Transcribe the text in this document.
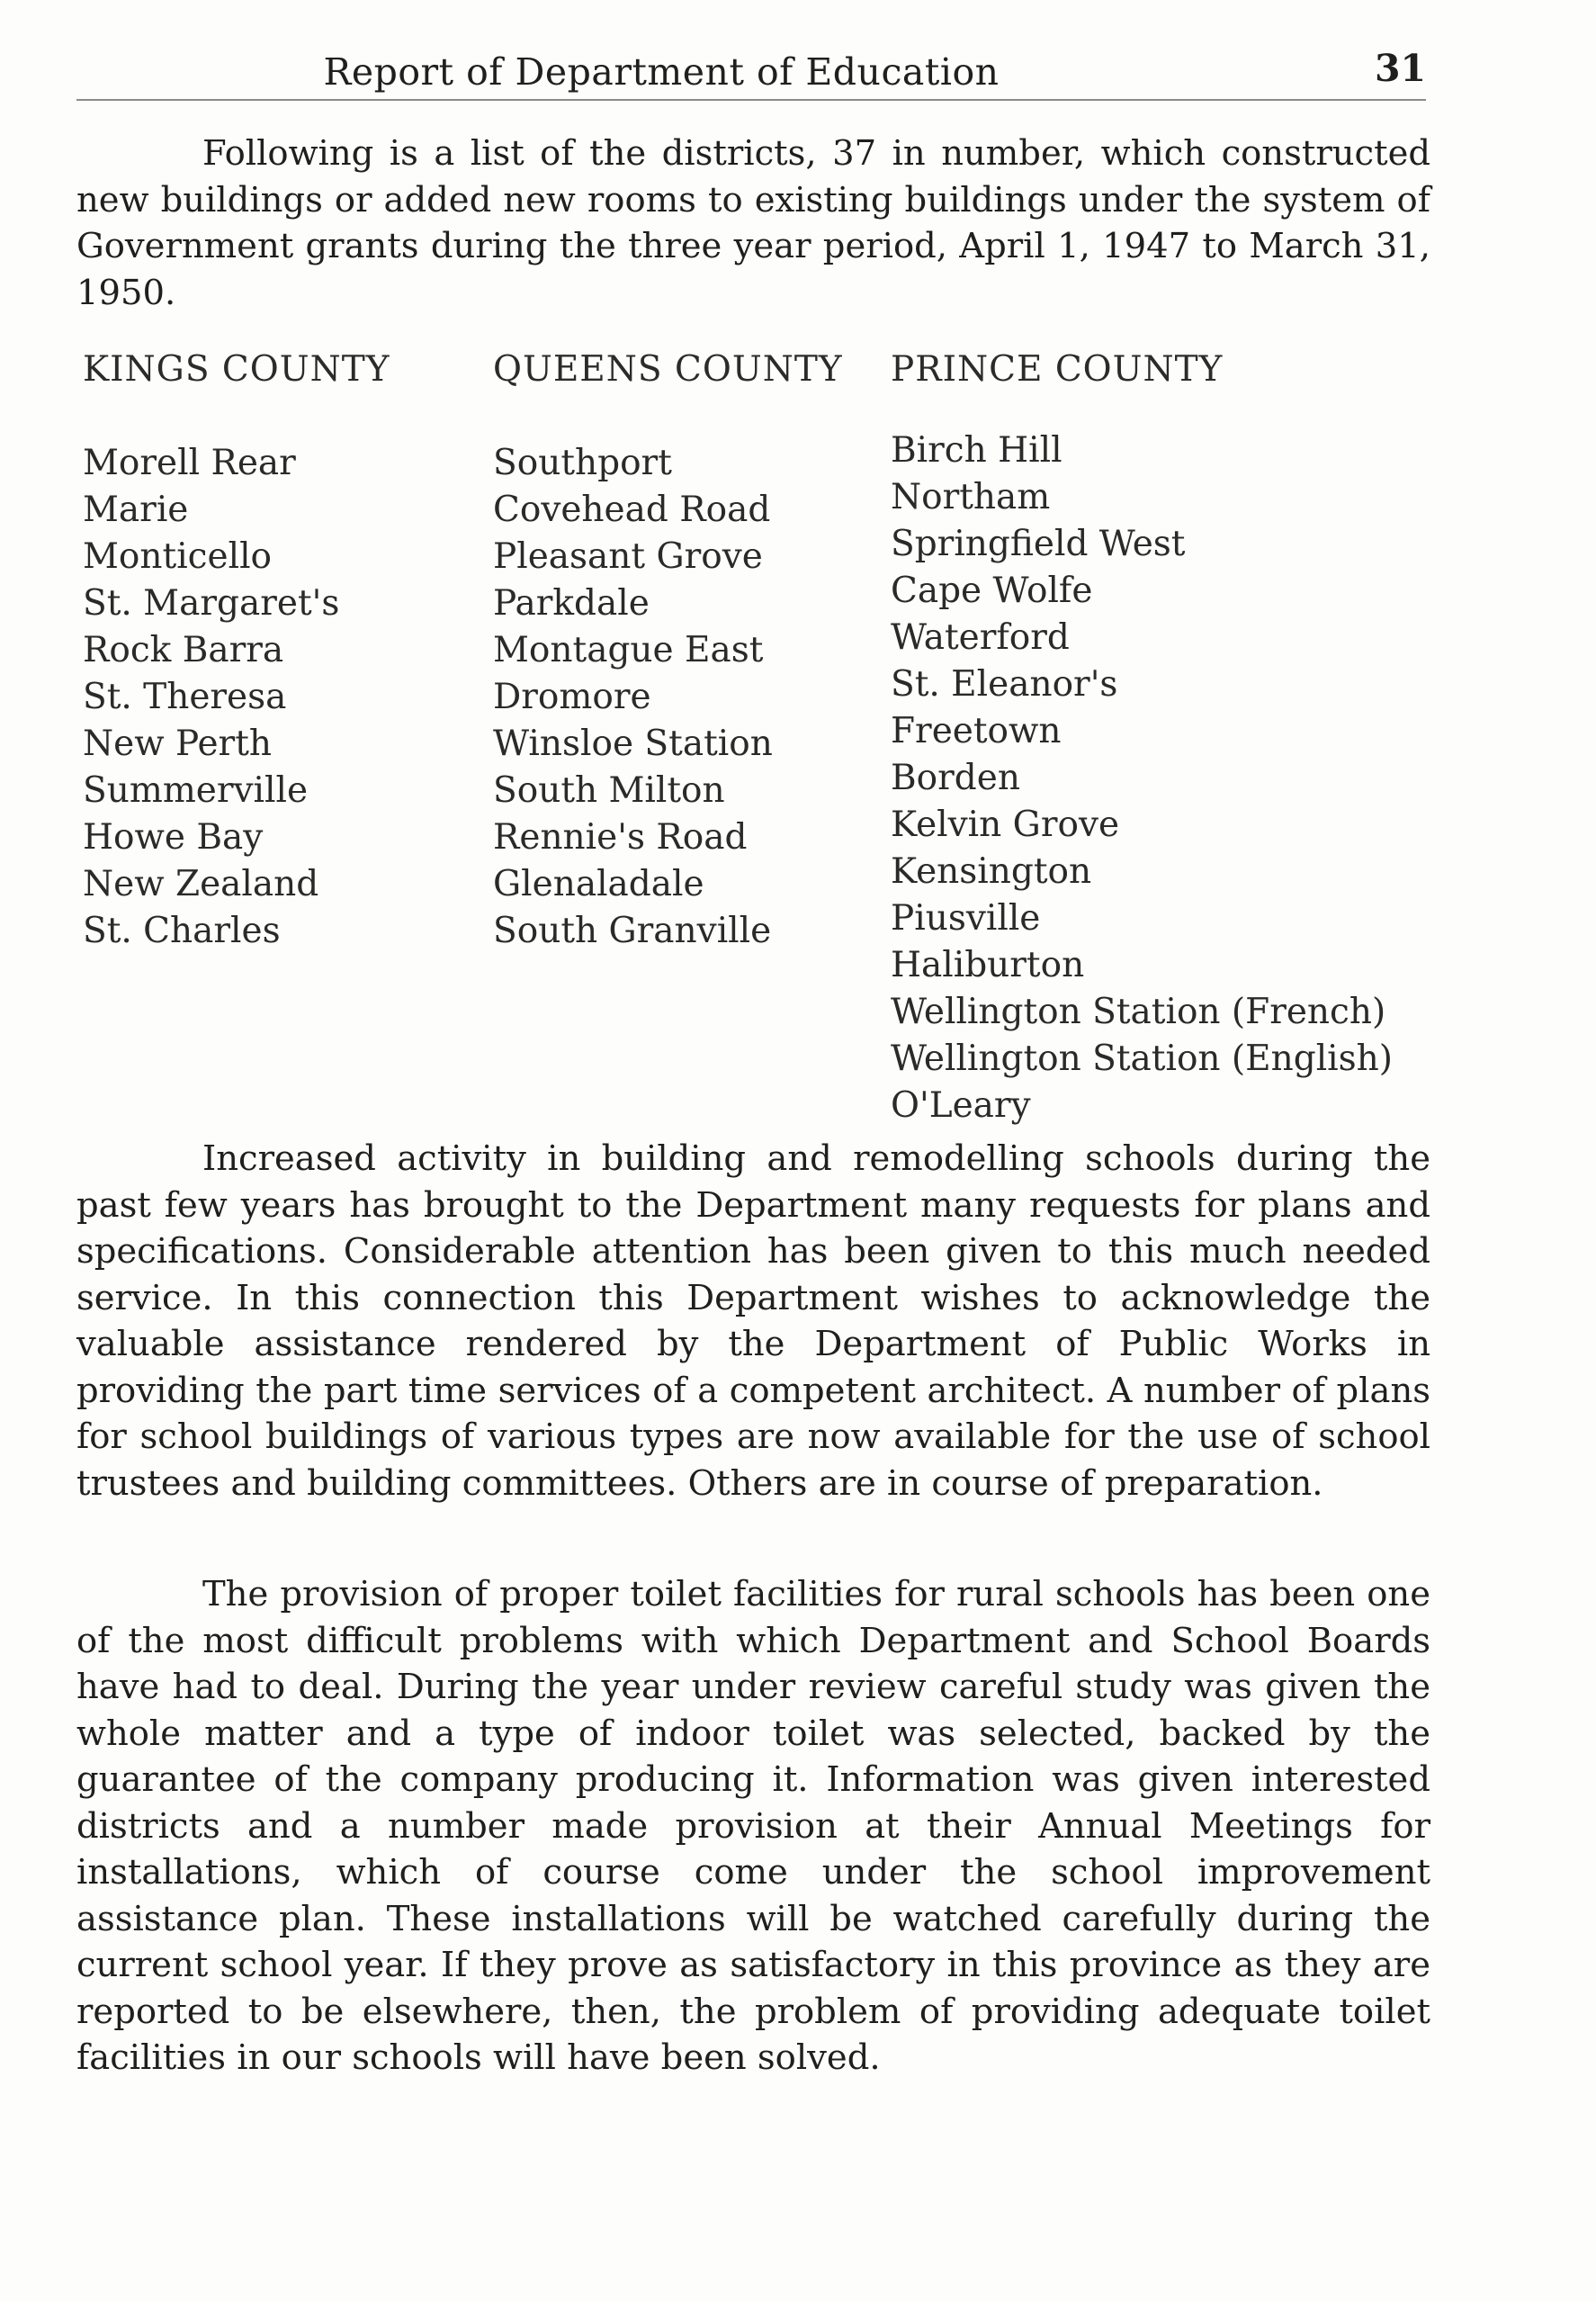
Report of Department of Education	31

Following is a list of the districts, 37 in number, which constructed new buildings or added new rooms to existing buildings under the system of Government grants during the three year period, April 1, 1947 to March 31, 1950.

KINGS COUNTY
Morell Rear
Marie
Monticello
St. Margaret's
Rock Barra
St. Theresa
New Perth
Summerville
Howe Bay
New Zealand
St. Charles
QUEENS COUNTY
Southport
Covehead Road
Pleasant Grove
Parkdale
Montague East
Dromore
Winsloe Station
South Milton
Rennie's Road
Glenaladale
South Granville
PRINCE COUNTY
Birch Hill
Northam
Springfield West
Cape Wolfe
Waterford
St. Eleanor's
Freetown
Borden
Kelvin Grove
Kensington
Piusville
Haliburton
Wellington Station (French)
Wellington Station (English)
O'Leary

Increased activity in building and remodelling schools during the past few years has brought to the Department many requests for plans and specifications. Considerable attention has been given to this much needed service. In this connection this Department wishes to acknowledge the valuable assistance rendered by the Department of Public Works in providing the part time services of a competent architect. A number of plans for school buildings of various types are now available for the use of school trustees and building committees. Others are in course of preparation.

The provision of proper toilet facilities for rural schools has been one of the most difficult problems with which Department and School Boards have had to deal. During the year under review careful study was given the whole matter and a type of indoor toilet was selected, backed by the guarantee of the company producing it. Information was given interested districts and a number made provision at their Annual Meetings for installations, which of course come under the school improvement assistance plan. These installations will be watched carefully during the current school year. If they prove as satisfactory in this province as they are reported to be elsewhere, then, the problem of providing adequate toilet facilities in our schools will have been solved.
